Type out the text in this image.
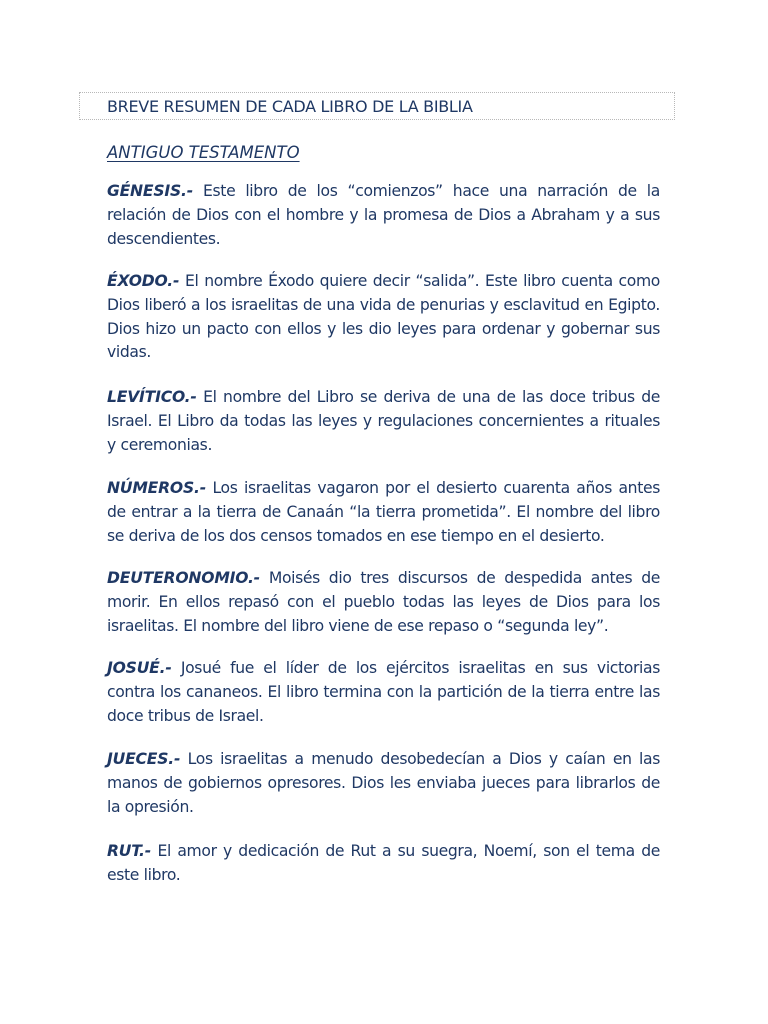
BREVE RESUMEN DE CADA LIBRO DE LA BIBLIA
ANTIGUO TESTAMENTO

GÉNESIS.- Este libro de los “comienzos” hace una narración de la relación de Dios con el hombre y la promesa de Dios a Abraham y a sus descendientes.

ÉXODO.- El nombre Éxodo quiere decir “salida”. Este libro cuenta como Dios liberó a los israelitas de una vida de penurias y esclavitud en Egipto. Dios hizo un pacto con ellos y les dio leyes para ordenar y gobernar sus vidas.

LEVÍTICO.- El nombre del Libro se deriva de una de las doce tribus de Israel. El Libro da todas las leyes y regulaciones concernientes a rituales y ceremonias.

NÚMEROS.- Los israelitas vagaron por el desierto cuarenta años antes de entrar a la tierra de Canaán “la tierra prometida”. El nombre del libro se deriva de los dos censos tomados en ese tiempo en el desierto.

DEUTERONOMIO.- Moisés dio tres discursos de despedida antes de morir. En ellos repasó con el pueblo todas las leyes de Dios para los israelitas. El nombre del libro viene de ese repaso o “segunda ley”.

JOSUÉ.- Josué fue el líder de los ejércitos israelitas en sus victorias contra los cananeos. El libro termina con la partición de la tierra entre las doce tribus de Israel.

JUECES.- Los israelitas a menudo desobedecían a Dios y caían en las manos de gobiernos opresores. Dios les enviaba jueces para librarlos de la opresión.

RUT.- El amor y dedicación de Rut a su suegra, Noemí, son el tema de este libro.
